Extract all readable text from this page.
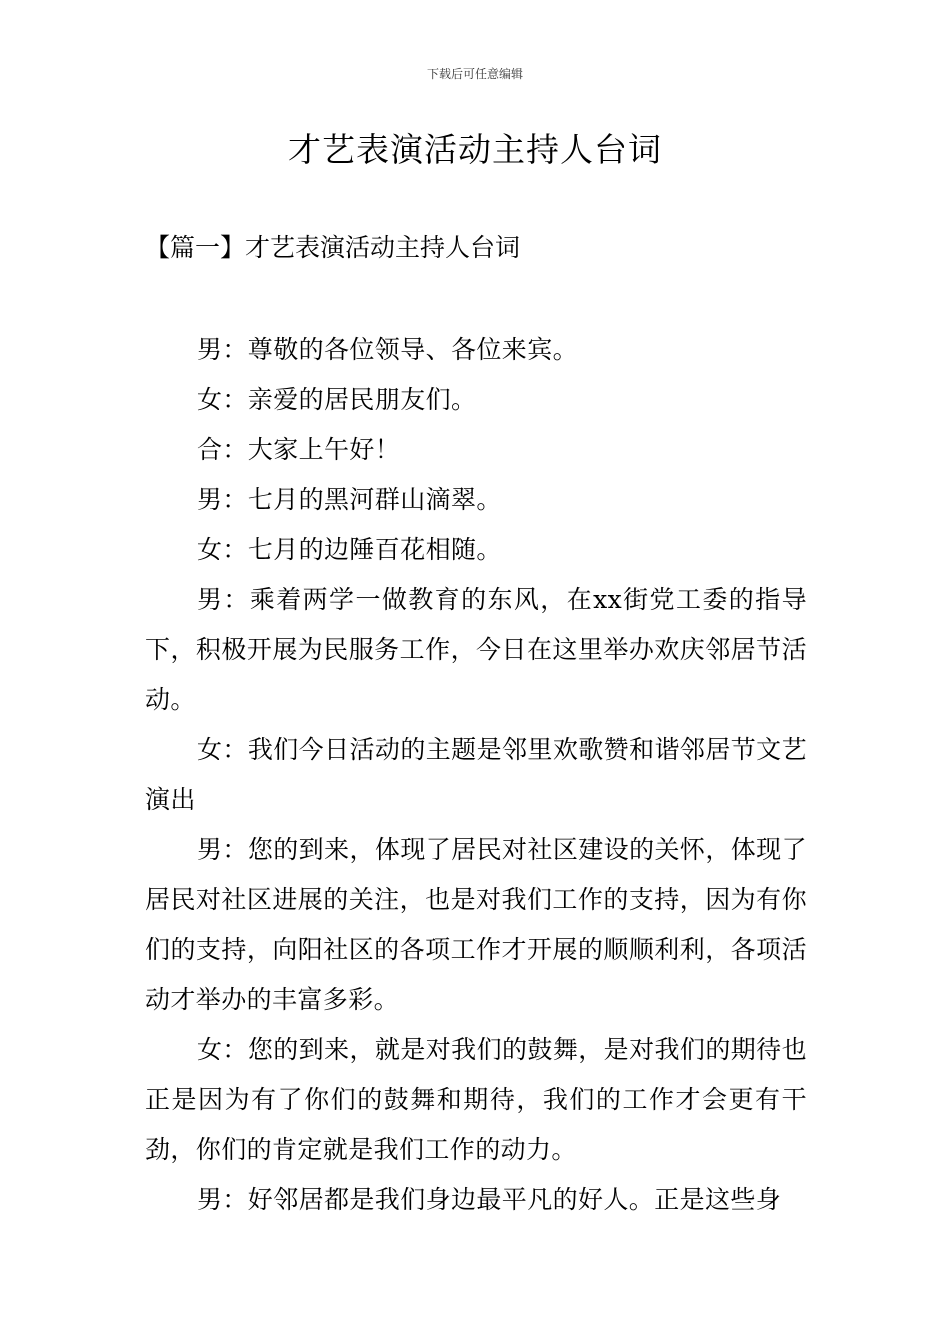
下载后可任意编辑
才艺表演活动主持人台词
【篇一】才艺表演活动主持人台词

男：尊敬的各位领导、各位来宾。

女：亲爱的居民朋友们。

合：大家上午好！

男：七月的黑河群山滴翠。

女：七月的边陲百花相随。

男：乘着两学一做教育的东风，在xx街党工委的指导下，积极开展为民服务工作，今日在这里举办欢庆邻居节活动。

女：我们今日活动的主题是邻里欢歌赞和谐邻居节文艺演出

男：您的到来，体现了居民对社区建设的关怀，体现了居民对社区进展的关注，也是对我们工作的支持，因为有你们的支持，向阳社区的各项工作才开展的顺顺利利，各项活动才举办的丰富多彩。

女：您的到来，就是对我们的鼓舞，是对我们的期待也正是因为有了你们的鼓舞和期待，我们的工作才会更有干劲，你们的肯定就是我们工作的动力。

男：好邻居都是我们身边最平凡的好人。正是这些身
